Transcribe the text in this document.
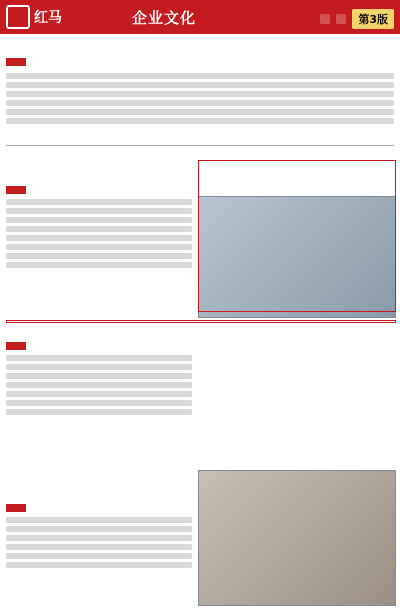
红马	企业文化	第3版
